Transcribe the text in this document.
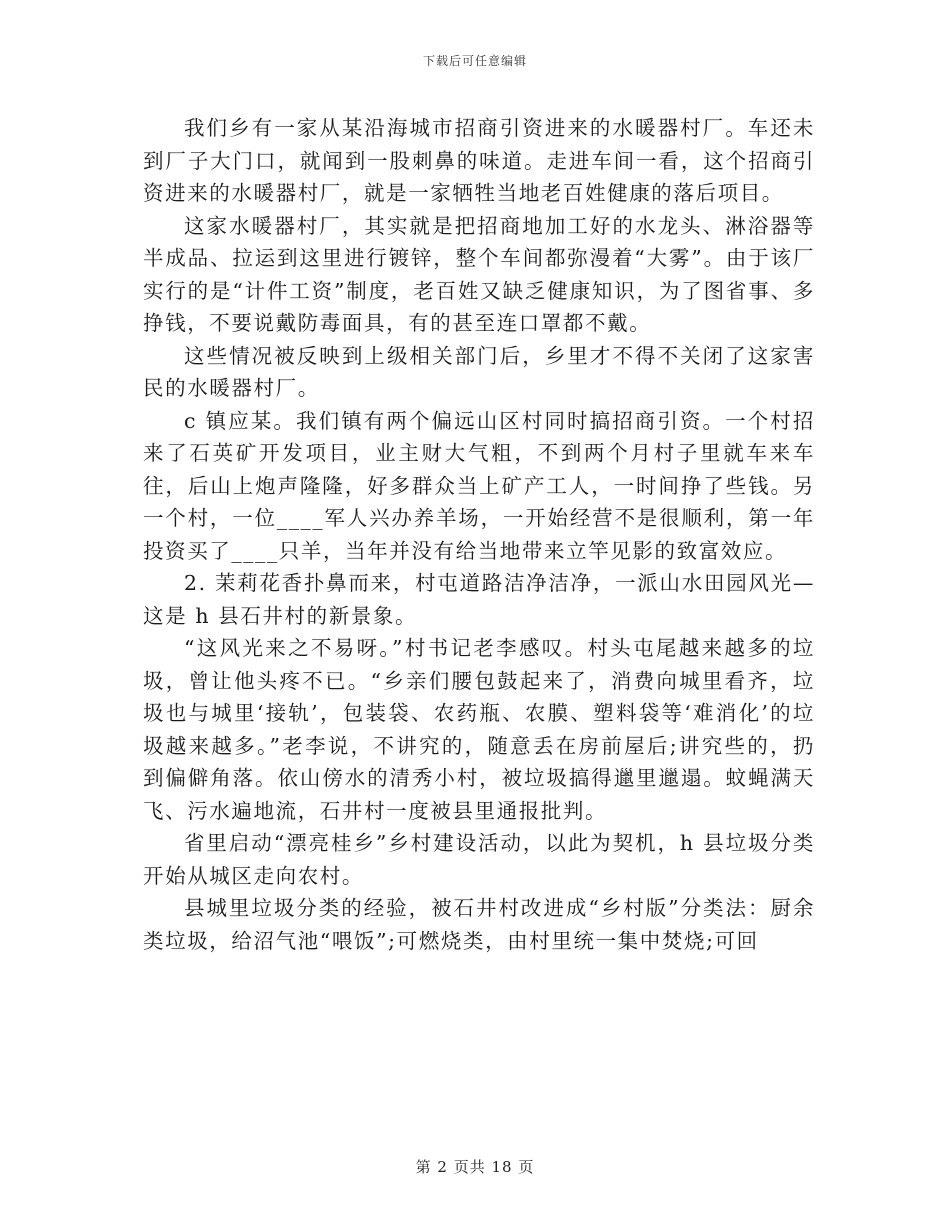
下载后可任意编辑

我们乡有一家从某沿海城市招商引资进来的水暖器村厂。车还未到厂子大门口，就闻到一股刺鼻的味道。走进车间一看，这个招商引资进来的水暖器村厂，就是一家牺牲当地老百姓健康的落后项目。

这家水暖器村厂，其实就是把招商地加工好的水龙头、淋浴器等半成品、拉运到这里进行镀锌，整个车间都弥漫着“大雾”。由于该厂实行的是“计件工资”制度，老百姓又缺乏健康知识，为了图省事、多挣钱，不要说戴防毒面具，有的甚至连口罩都不戴。

这些情况被反映到上级相关部门后，乡里才不得不关闭了这家害民的水暖器村厂。

c 镇应某。我们镇有两个偏远山区村同时搞招商引资。一个村招来了石英矿开发项目，业主财大气粗，不到两个月村子里就车来车往，后山上炮声隆隆，好多群众当上矿产工人，一时间挣了些钱。另一个村，一位____军人兴办养羊场，一开始经营不是很顺利，第一年投资买了____只羊，当年并没有给当地带来立竿见影的致富效应。

2. 茉莉花香扑鼻而来，村屯道路洁净洁净，一派山水田园风光—这是 h 县石井村的新景象。

“这风光来之不易呀。”村书记老李感叹。村头屯尾越来越多的垃圾，曾让他头疼不已。“乡亲们腰包鼓起来了，消费向城里看齐，垃圾也与城里‘接轨’，包装袋、农药瓶、农膜、塑料袋等‘难消化’的垃圾越来越多。”老李说，不讲究的，随意丢在房前屋后;讲究些的，扔到偏僻角落。依山傍水的清秀小村，被垃圾搞得邋里邋遢。蚊蝇满天飞、污水遍地流，石井村一度被县里通报批判。

省里启动“漂亮桂乡”乡村建设活动，以此为契机，h 县垃圾分类开始从城区走向农村。

县城里垃圾分类的经验，被石井村改进成“乡村版”分类法：厨余类垃圾，给沼气池“喂饭”;可燃烧类，由村里统一集中焚烧;可回

第 2 页共 18 页
